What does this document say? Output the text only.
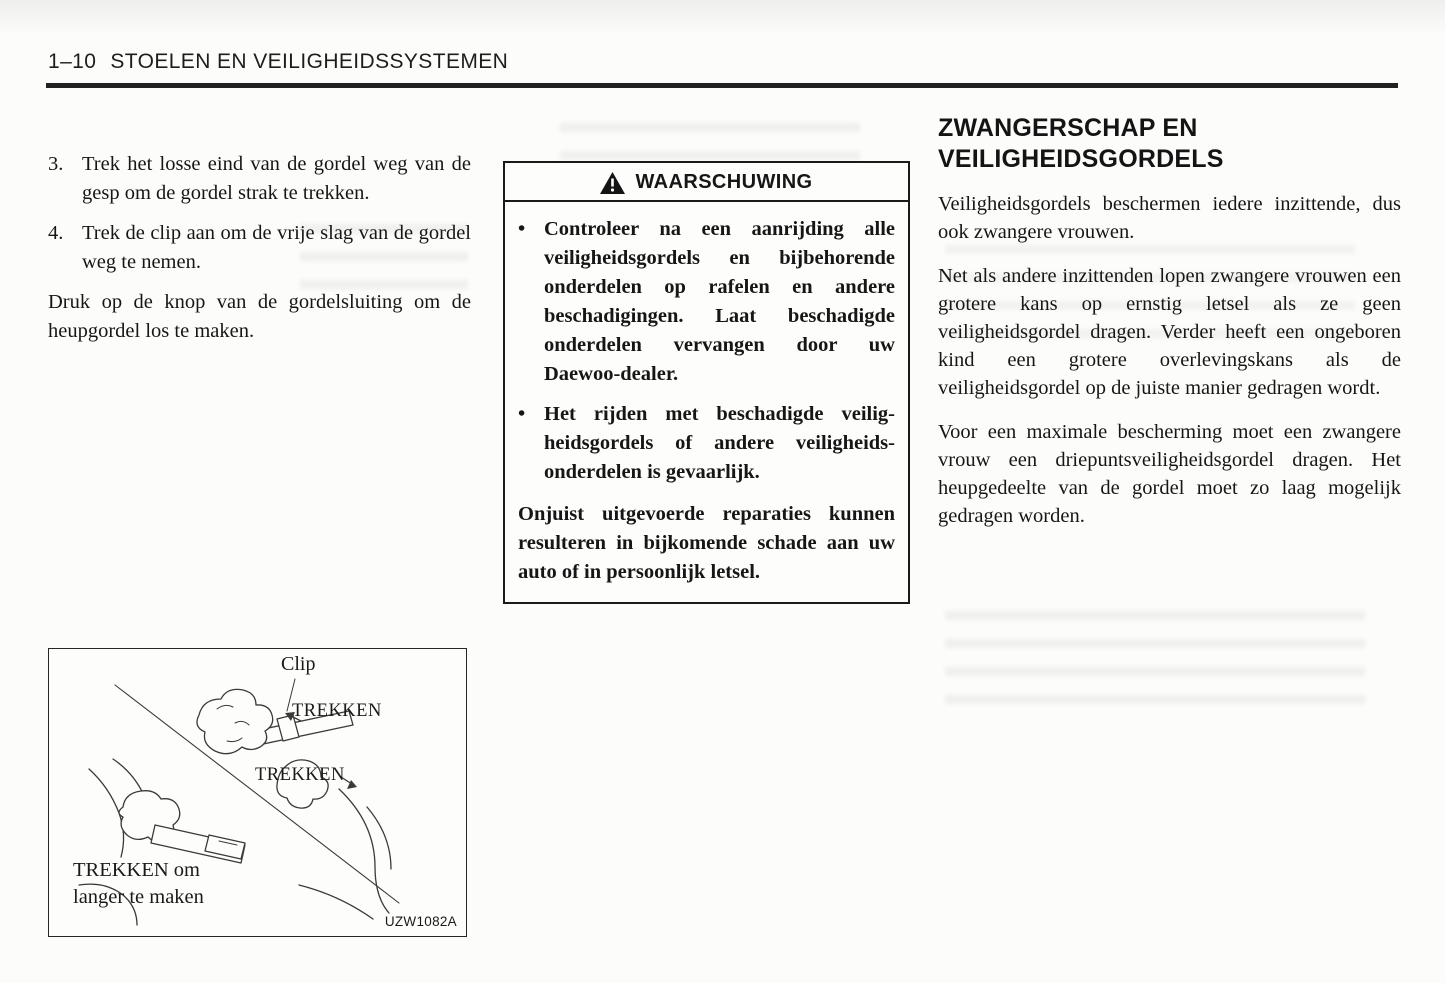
1–10 STOELEN EN VEILIGHEIDSSYSTEMEN
3. Trek het losse eind van de gordel weg van de gesp om de gordel strak te trekken.
4. Trek de clip aan om de vrije slag van de gordel weg te nemen.

Druk op de knop van de gordelsluiting om de heupgordel los te maken.

Clip
TREKKEN
TREKKEN
TREKKEN om langer te maken
UZW1082A
WAARSCHUWING
• Controleer na een aanrijding alle veiligheidsgordels en bijbehorende onderdelen op rafelen en andere beschadigingen. Laat beschadigde onderdelen vervangen door uw Daewoo-dealer.
• Het rijden met beschadigde veiligheidsgordels of andere veiligheidsonderdelen is gevaarlijk.

Onjuist uitgevoerde reparaties kunnen resulteren in bijkomende schade aan uw auto of in persoonlijk letsel.

ZWANGERSCHAP EN
VEILIGHEIDSGORDELS

Veiligheidsgordels beschermen iedere inzittende, dus ook zwangere vrouwen.

Net als andere inzittenden lopen zwangere vrouwen een grotere kans op ernstig letsel als ze geen veiligheidsgordel dragen. Verder heeft een ongeboren kind een grotere overlevingskans als de veiligheidsgordel op de juiste manier gedragen wordt.

Voor een maximale bescherming moet een zwangere vrouw een driepuntsveiligheidsgordel dragen. Het heupgedeelte van de gordel moet zo laag mogelijk gedragen worden.
